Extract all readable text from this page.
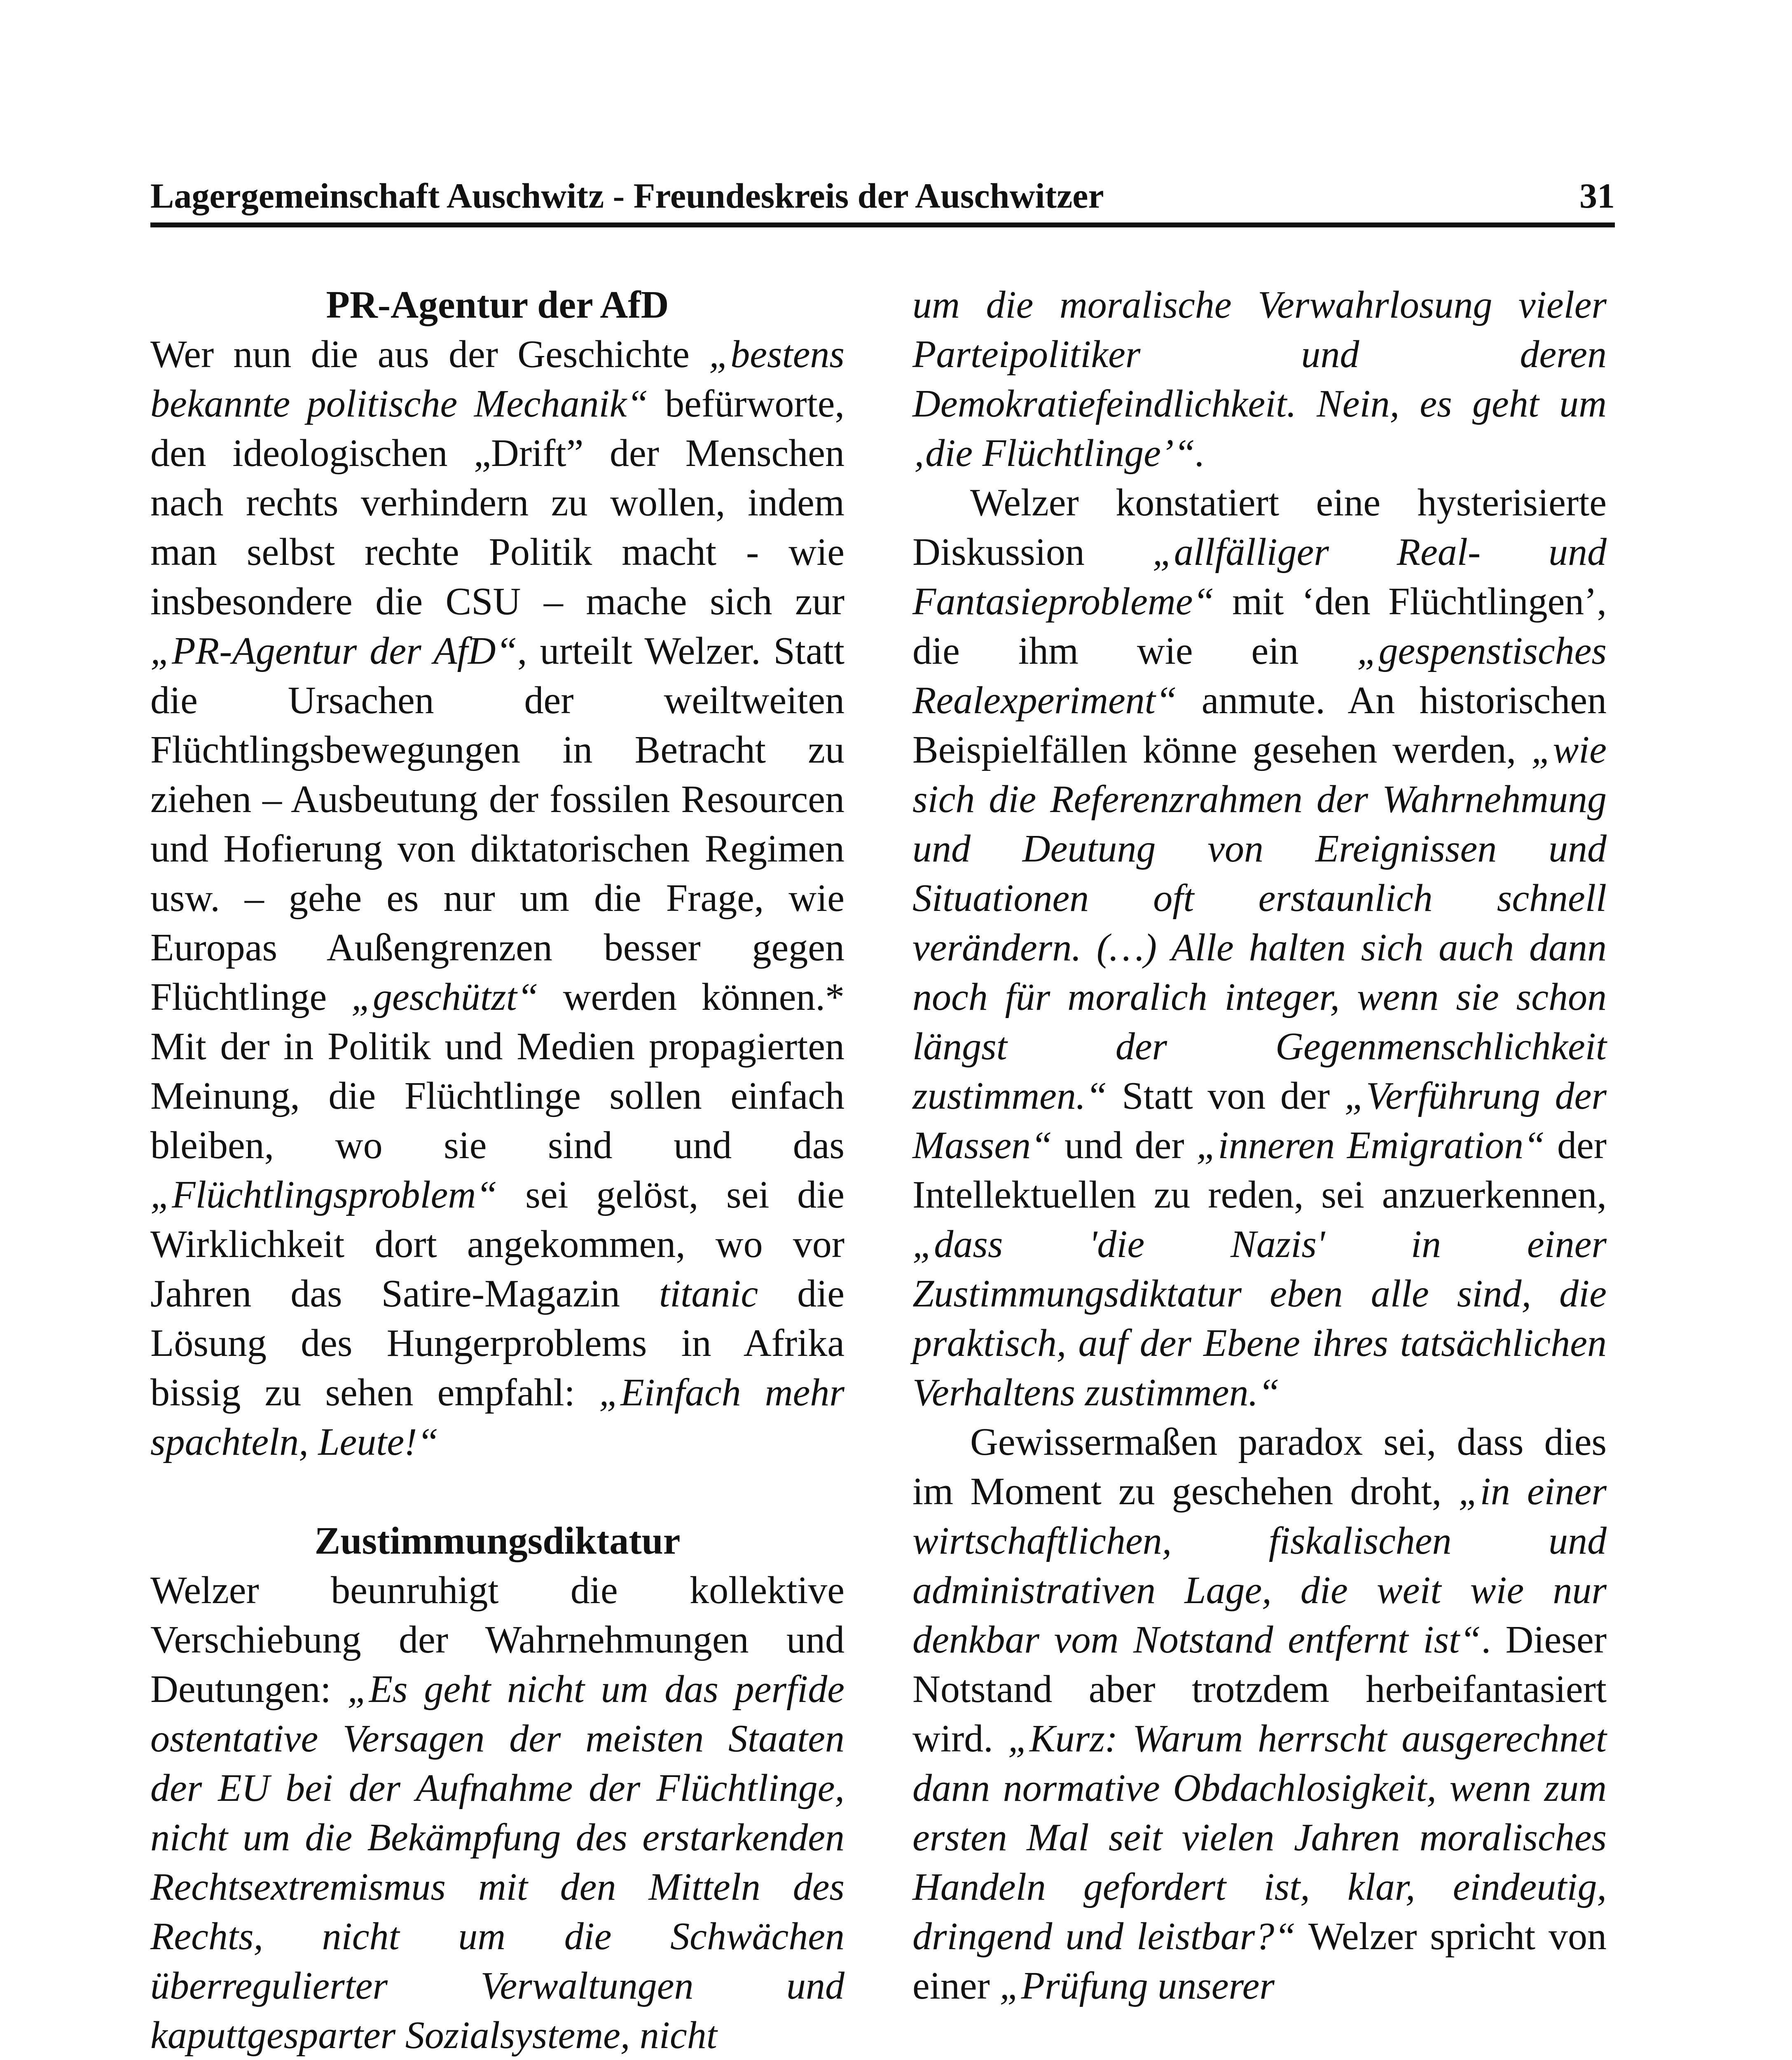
Lagergemeinschaft Auschwitz - Freundeskreis der Auschwitzer	31
PR-Agentur der AfD

Wer nun die aus der Geschichte „bestens bekannte politische Mechanik“ befürworte, den ideologischen „Drift” der Menschen nach rechts verhindern zu wollen, indem man selbst rechte Politik macht - wie insbesondere die CSU – mache sich zur „PR-Agentur der AfD“, urteilt Welzer. Statt die Ursachen der weiltweiten Flüchtlingsbewegungen in Betracht zu ziehen – Ausbeutung der fossilen Resourcen und Hofierung von diktatorischen Regimen usw. – gehe es nur um die Frage, wie Europas Außengrenzen besser gegen Flüchtlinge „geschützt“ werden können.* Mit der in Politik und Medien propagierten Meinung, die Flüchtlinge sollen einfach bleiben, wo sie sind und das „Flüchtlingsproblem“ sei gelöst, sei die Wirklichkeit dort angekommen, wo vor Jahren das Satire-Magazin titanic die Lösung des Hungerproblems in Afrika bissig zu sehen empfahl: „Einfach mehr spachteln, Leute!“

Zustimmungsdiktatur

Welzer beunruhigt die kollektive Verschiebung der Wahrnehmungen und Deutungen: „Es geht nicht um das perfide ostentative Versagen der meisten Staaten der EU bei der Aufnahme der Flüchtlinge, nicht um die Bekämpfung des erstarkenden Rechtsextremismus mit den Mitteln des Rechts, nicht um die Schwächen überregulierter Verwaltungen und kaputtgesparter Sozialsysteme, nicht

um die moralische Verwahrlosung vieler Parteipolitiker und deren Demokratiefeindlichkeit. Nein, es geht um ‚die Flüchtlinge’“.

Welzer konstatiert eine hysterisierte Diskussion „allfälliger Real- und Fantasieprobleme“ mit ‘den Flüchtlingen’, die ihm wie ein „gespenstisches Realexperiment“ anmute. An historischen Beispielfällen könne gesehen werden, „wie sich die Referenzrahmen der Wahrnehmung und Deutung von Ereignissen und Situationen oft erstaunlich schnell verändern. (…) Alle halten sich auch dann noch für moralich integer, wenn sie schon längst der Gegenmenschlichkeit zustimmen.“ Statt von der „Verführung der Massen“ und der „inneren Emigration“ der Intellektuellen zu reden, sei anzuerkennen, „dass 'die Nazis' in einer Zustimmungsdiktatur eben alle sind, die praktisch, auf der Ebene ihres tatsächlichen Verhaltens zustimmen.“

Gewissermaßen paradox sei, dass dies im Moment zu geschehen droht, „in einer wirtschaftlichen, fiskalischen und administrativen Lage, die weit wie nur denkbar vom Notstand entfernt ist“. Dieser Notstand aber trotzdem herbeifantasiert wird. „Kurz: Warum herrscht ausgerechnet dann normative Obdachlosigkeit, wenn zum ersten Mal seit vielen Jahren moralisches Handeln gefordert ist, klar, eindeutig, dringend und leistbar?“ Welzer spricht von einer „Prüfung unserer
